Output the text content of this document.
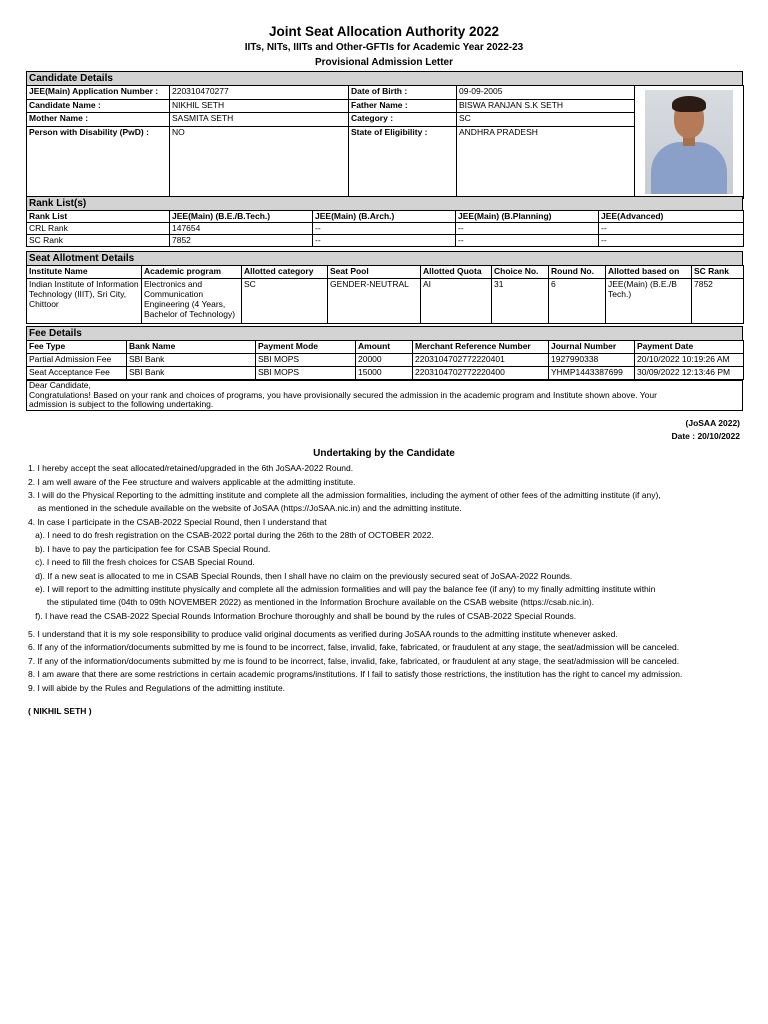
Joint Seat Allocation Authority 2022
IITs, NITs, IIITs and Other-GFTIs for Academic Year 2022-23
Provisional Admission Letter
Candidate Details
JEE(Main) Application Number :	220310470277	Date of Birth :	09-09-2005	

Candidate Name :	NIKHIL SETH	Father Name :	BISWA RANJAN S.K SETH	
Mother Name :	SASMITA SETH	Category :	SC	
Person with Disability (PwD) :	NO	State of Eligibility :	ANDHRA PRADESH	
Rank List(s)
Rank List	JEE(Main) (B.E./B.Tech.)	JEE(Main) (B.Arch.)	JEE(Main) (B.Planning)	JEE(Advanced)
CRL Rank	147654	--	--	--
SC Rank	7852	--	--	--
Seat Allotment Details
Institute Name	Academic program	Allotted category	Seat Pool	Allotted Quota	Choice No.	Round No.	Allotted based on	SC Rank
Indian Institute of Information Technology (IIIT), Sri City, Chittoor	Electronics and Communication Engineering (4 Years, Bachelor of Technology)	SC	GENDER-NEUTRAL	AI	31	6	JEE(Main) (B.E./B Tech.)	7852
Fee Details
Fee Type	Bank Name	Payment Mode	Amount	Merchant Reference Number	Journal Number	Payment Date
Partial Admission Fee	SBI Bank	SBI MOPS	20000	2203104702772220401	1927990338	20/10/2022 10:19:26 AM
Seat Acceptance Fee	SBI Bank	SBI MOPS	15000	2203104702772220400	YHMP1443387699	30/09/2022 12:13:46 PM
Dear Candidate,
Congratulations! Based on your rank and choices of programs, you have provisionally secured the admission in the academic program and Institute shown above. Your
admission is subject to the following undertaking.
(JoSAA 2022)
Date : 20/10/2022
Undertaking by the Candidate
1. I hereby accept the seat allocated/retained/upgraded in the 6th JoSAA-2022 Round.
2. I am well aware of the Fee structure and waivers applicable at the admitting institute.
3. I will do the Physical Reporting to the admitting institute and complete all the admission formalities, including the ayment of other fees of the admitting institute (if any),
as mentioned in the schedule available on the website of JoSAA (https://JoSAA.nic.in) and the admitting institute.
4. In case I participate in the CSAB-2022 Special Round, then I understand that
a). I need to do fresh registration on the CSAB-2022 portal during the 26th to the 28th of OCTOBER 2022.
b). I have to pay the participation fee for CSAB Special Round.
c). I need to fill the fresh choices for CSAB Special Round.
d). If a new seat is allocated to me in CSAB Special Rounds, then I shall have no claim on the previously secured seat of JoSAA-2022 Rounds.
e). I will report to the admitting institute physically and complete all the admission formalities and will pay the balance fee (if any) to my finally admitting institute within
the stipulated time (04th to 09th NOVEMBER 2022) as mentioned in the Information Brochure available on the CSAB website (https://csab.nic.in).
f). I have read the CSAB-2022 Special Rounds Information Brochure thoroughly and shall be bound by the rules of CSAB-2022 Special Rounds.
5. I understand that it is my sole responsibility to produce valid original documents as verified during JoSAA rounds to the admitting institute whenever asked.
6. If any of the information/documents submitted by me is found to be incorrect, false, invalid, fake, fabricated, or fraudulent at any stage, the seat/admission will be canceled.
7. If any of the information/documents submitted by me is found to be incorrect, false, invalid, fake, fabricated, or fraudulent at any stage, the seat/admission will be canceled.
8. I am aware that there are some restrictions in certain academic programs/institutions. If I fail to satisfy those restrictions, the institution has the right to cancel my admission.
9. I will abide by the Rules and Regulations of the admitting institute.
( NIKHIL SETH )
